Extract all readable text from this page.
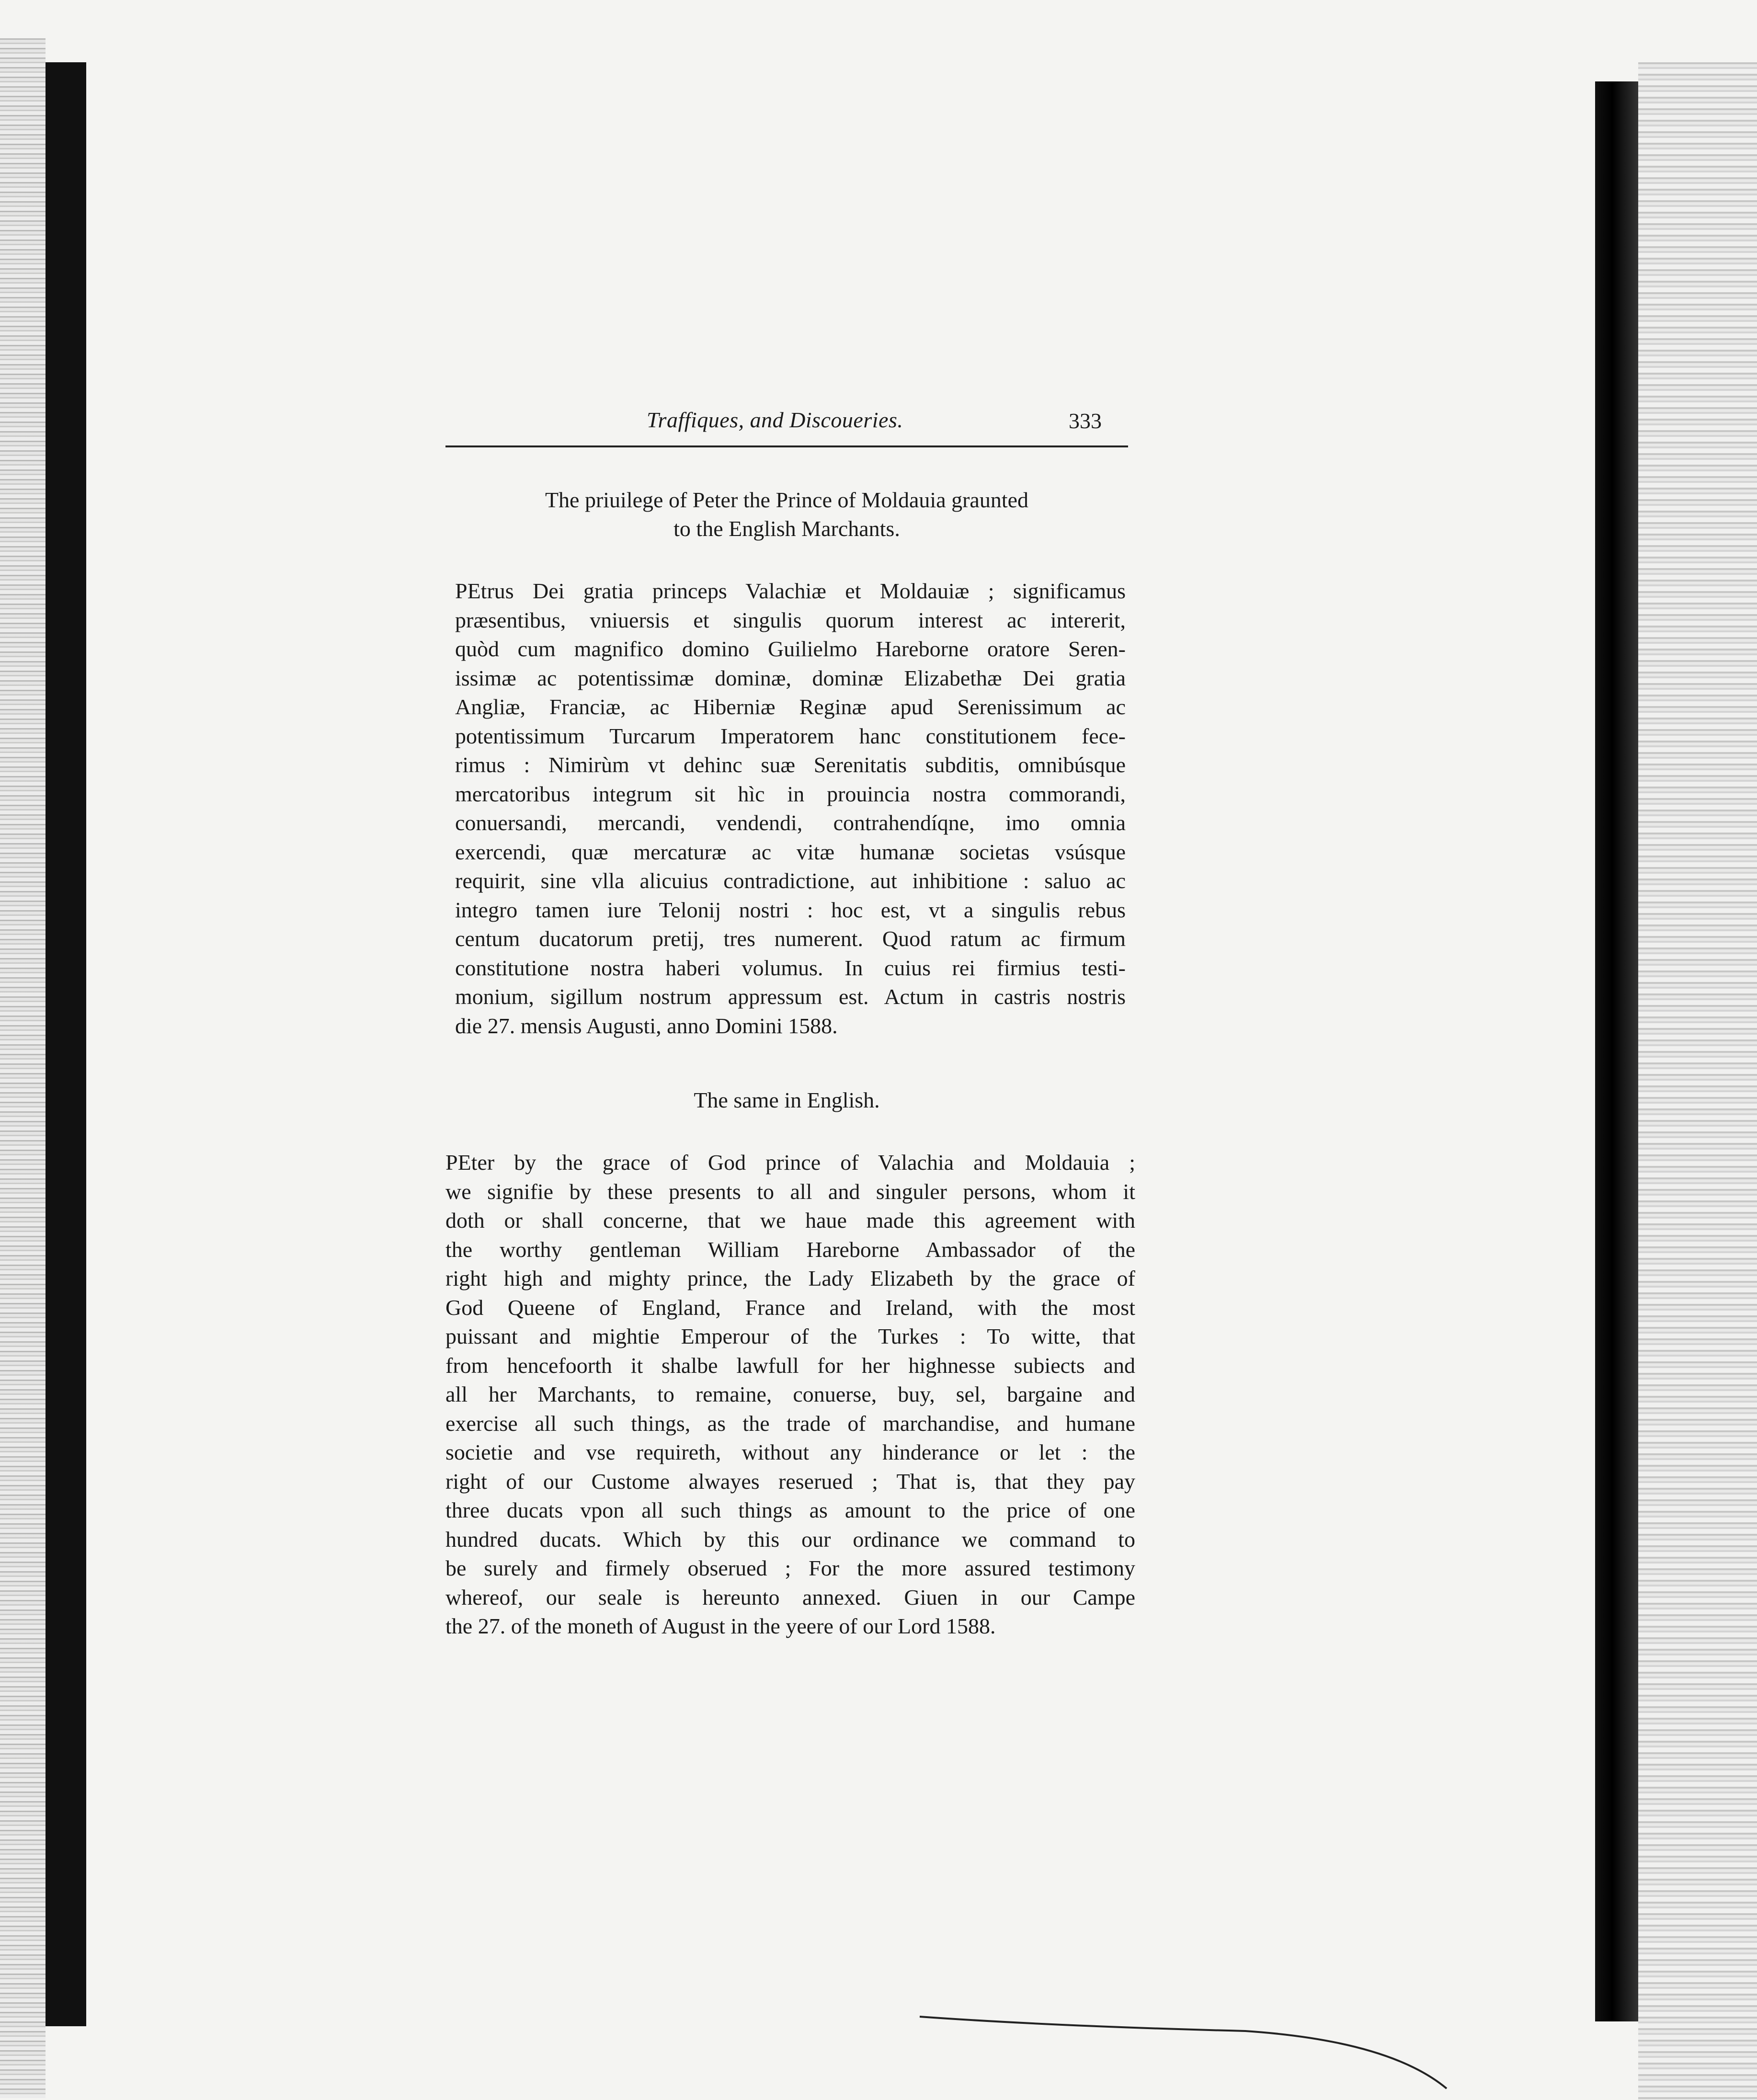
Traffiques, and Discoueries.	333
The priuilege of Peter the Prince of Moldauia graunted
to the English Marchants.
PEtrus Dei gratia princeps Valachiæ et Moldauiæ ; significamus
præsentibus, vniuersis et singulis quorum interest ac intererit,
quòd cum magnifico domino Guilielmo Hareborne oratore Seren-
issimæ ac potentissimæ dominæ, dominæ Elizabethæ Dei gratia
Angliæ, Franciæ, ac Hiberniæ Reginæ apud Serenissimum ac
potentissimum Turcarum Imperatorem hanc constitutionem fece-
rimus : Nimirùm vt dehinc suæ Serenitatis subditis, omnibúsque
mercatoribus integrum sit hìc in prouincia nostra commorandi,
conuersandi, mercandi, vendendi, contrahendíqne, imo omnia
exercendi, quæ mercaturæ ac vitæ humanæ societas vsúsque
requirit, sine vlla alicuius contradictione, aut inhibitione : saluo ac
integro tamen iure Telonij nostri : hoc est, vt a singulis rebus
centum ducatorum pretij, tres numerent. Quod ratum ac firmum
constitutione nostra haberi volumus. In cuius rei firmius testi-
monium, sigillum nostrum appressum est. Actum in castris nostris
die 27. mensis Augusti, anno Domini 1588.
The same in English.
PEter by the grace of God prince of Valachia and Moldauia ;
we signifie by these presents to all and singuler persons, whom it
doth or shall concerne, that we haue made this agreement with
the worthy gentleman William Hareborne Ambassador of the
right high and mighty prince, the Lady Elizabeth by the grace of
God Queene of England, France and Ireland, with the most
puissant and mightie Emperour of the Turkes : To witte, that
from hencefoorth it shalbe lawfull for her highnesse subiects and
all her Marchants, to remaine, conuerse, buy, sel, bargaine and
exercise all such things, as the trade of marchandise, and humane
societie and vse requireth, without any hinderance or let : the
right of our Custome alwayes reserued ; That is, that they pay
three ducats vpon all such things as amount to the price of one
hundred ducats. Which by this our ordinance we command to
be surely and firmely obserued ; For the more assured testimony
whereof, our seale is hereunto annexed. Giuen in our Campe
the 27. of the moneth of August in the yeere of our Lord 1588.
